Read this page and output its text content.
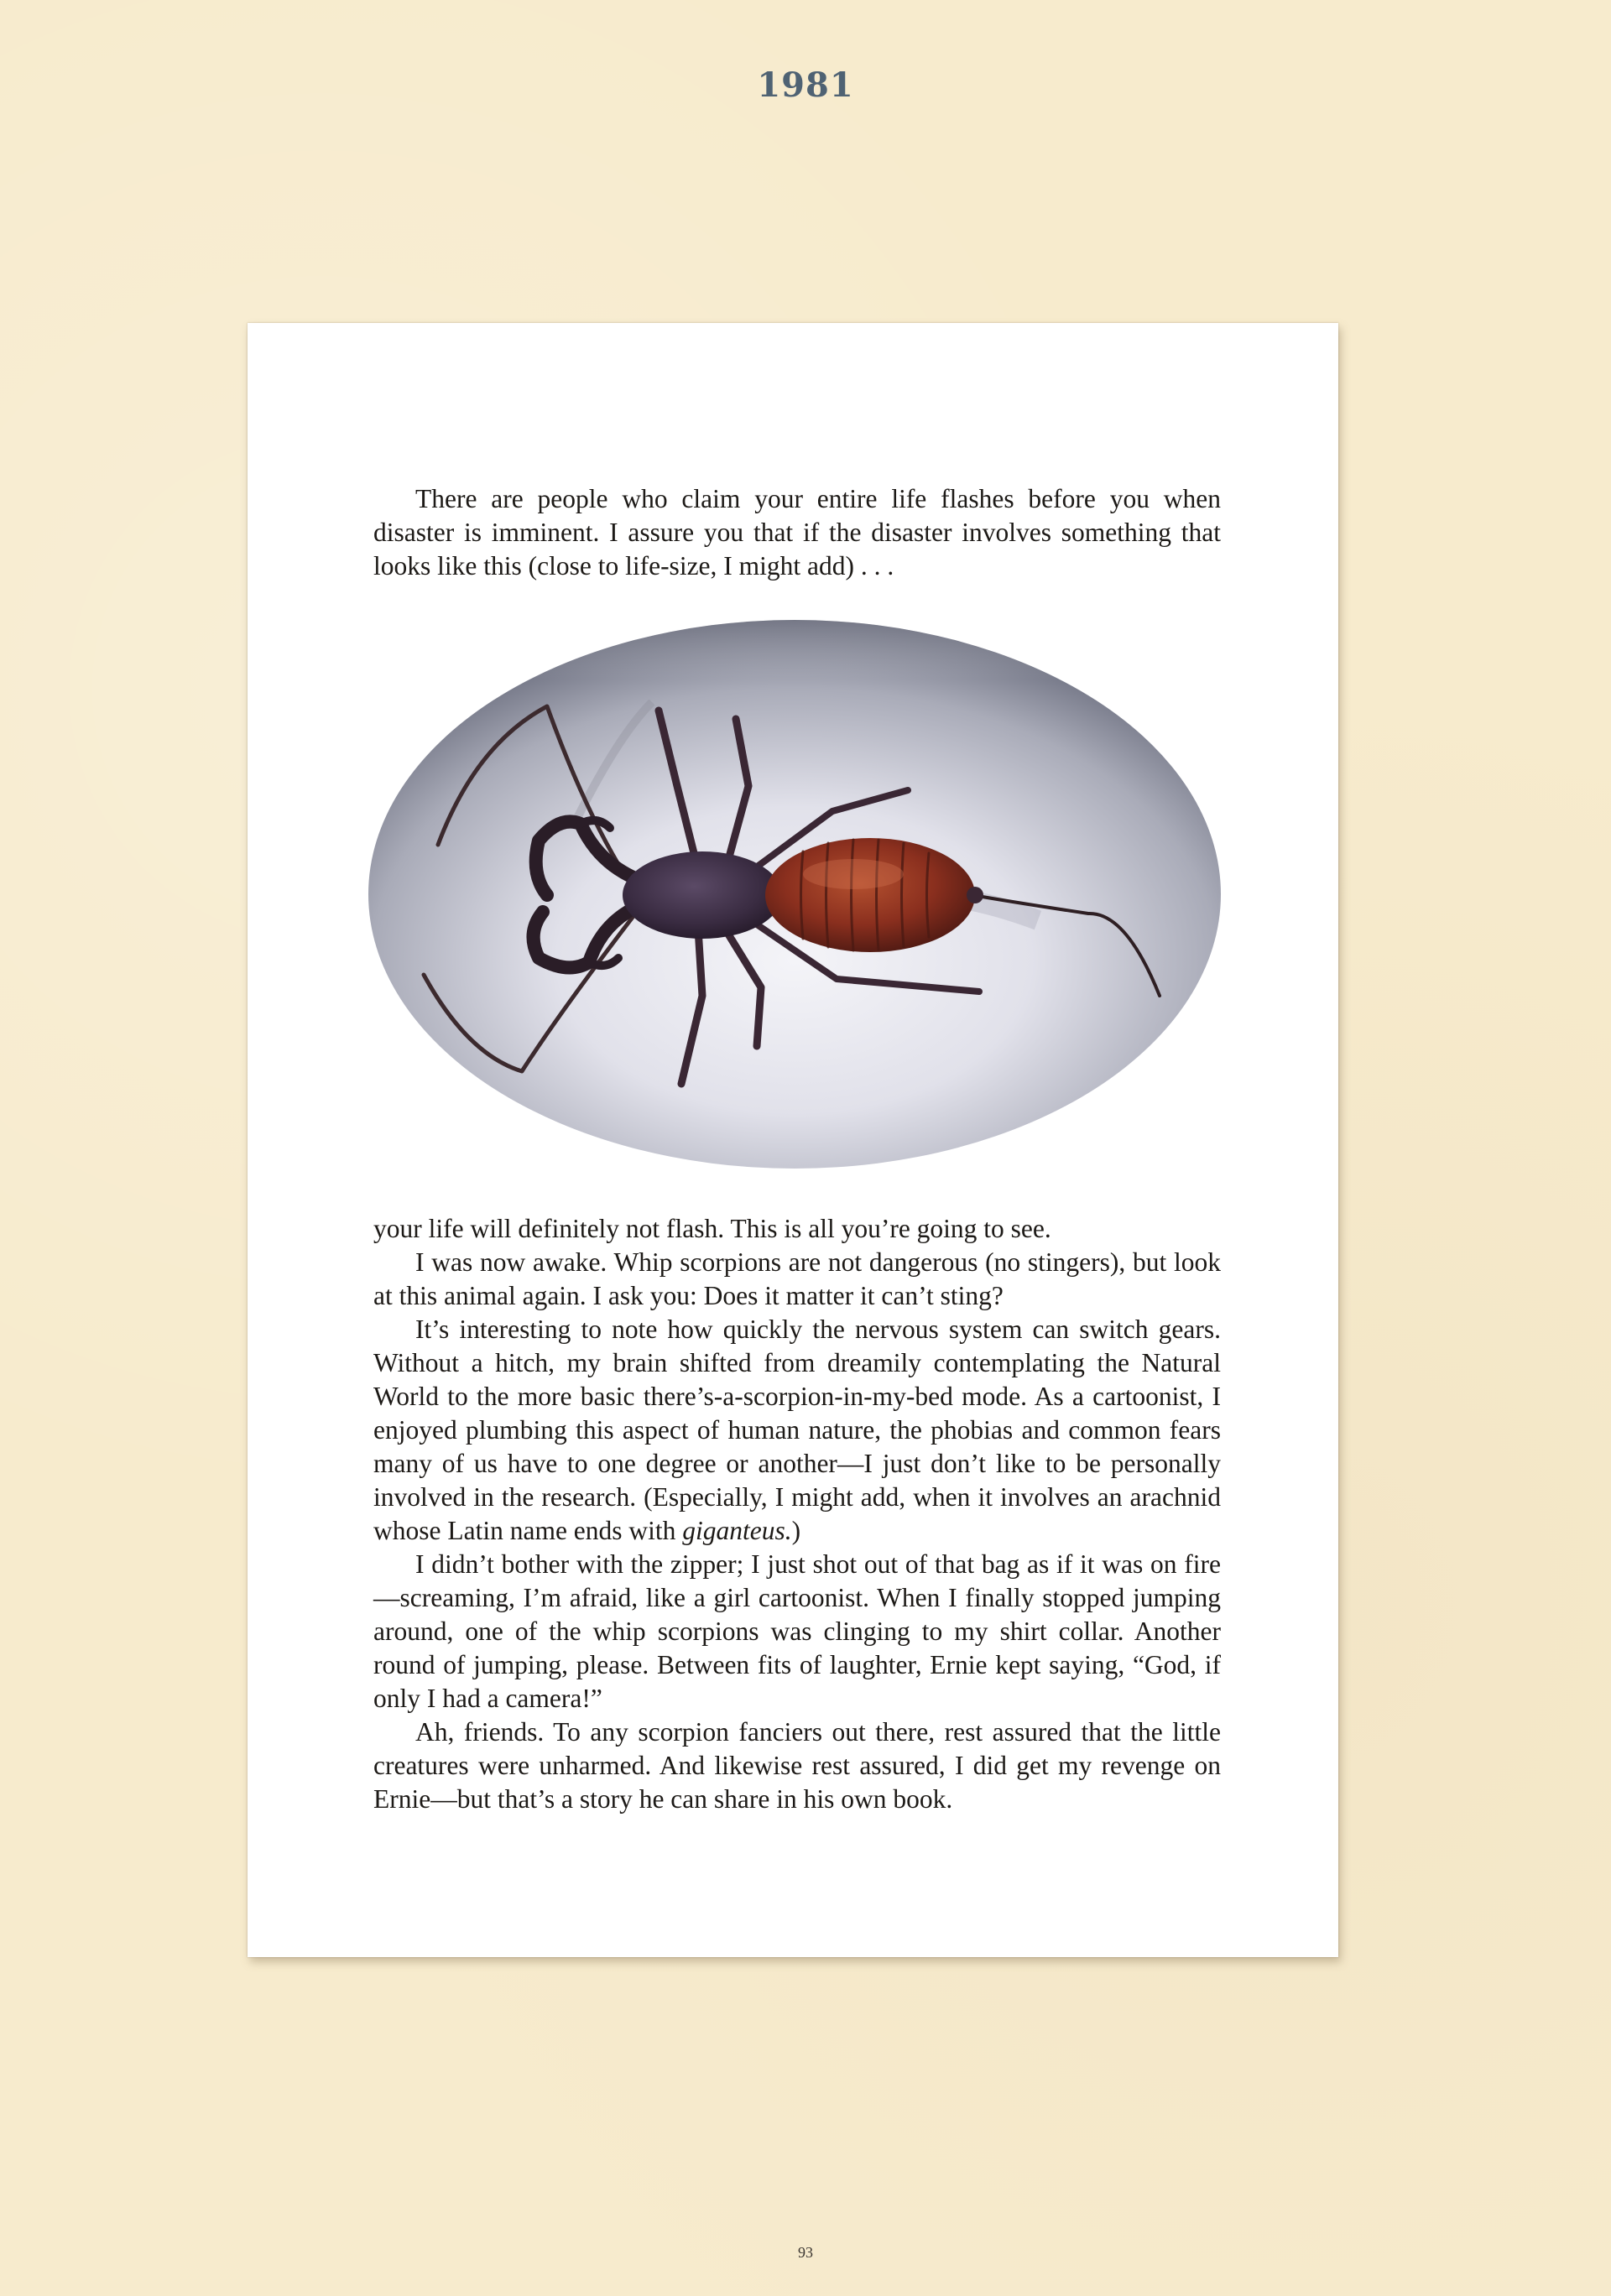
1981

There are people who claim your entire life flashes before you when disaster is imminent. I assure you that if the disaster involves something that looks like this (close to life-size, I might add) . . .

your life will definitely not flash. This is all you’re going to see.

I was now awake. Whip scorpions are not dangerous (no stingers), but look at this animal again. I ask you: Does it matter it can’t sting?

It’s interesting to note how quickly the nervous system can switch gears. Without a hitch, my brain shifted from dreamily contemplating the Natural World to the more basic there’s-a-scorpion-in-my-bed mode. As a cartoonist, I enjoyed plumbing this aspect of human nature, the phobias and common fears many of us have to one degree or another—I just don’t like to be personally involved in the research. (Especially, I might add, when it involves an arachnid whose Latin name ends with giganteus.)

I didn’t bother with the zipper; I just shot out of that bag as if it was on fire—screaming, I’m afraid, like a girl cartoonist. When I finally stopped jumping around, one of the whip scorpions was clinging to my shirt collar. Another round of jumping, please. Between fits of laughter, Ernie kept saying, “God, if only I had a camera!”

Ah, friends. To any scorpion fanciers out there, rest assured that the little creatures were unharmed. And likewise rest assured, I did get my revenge on Ernie—but that’s a story he can share in his own book.

93
